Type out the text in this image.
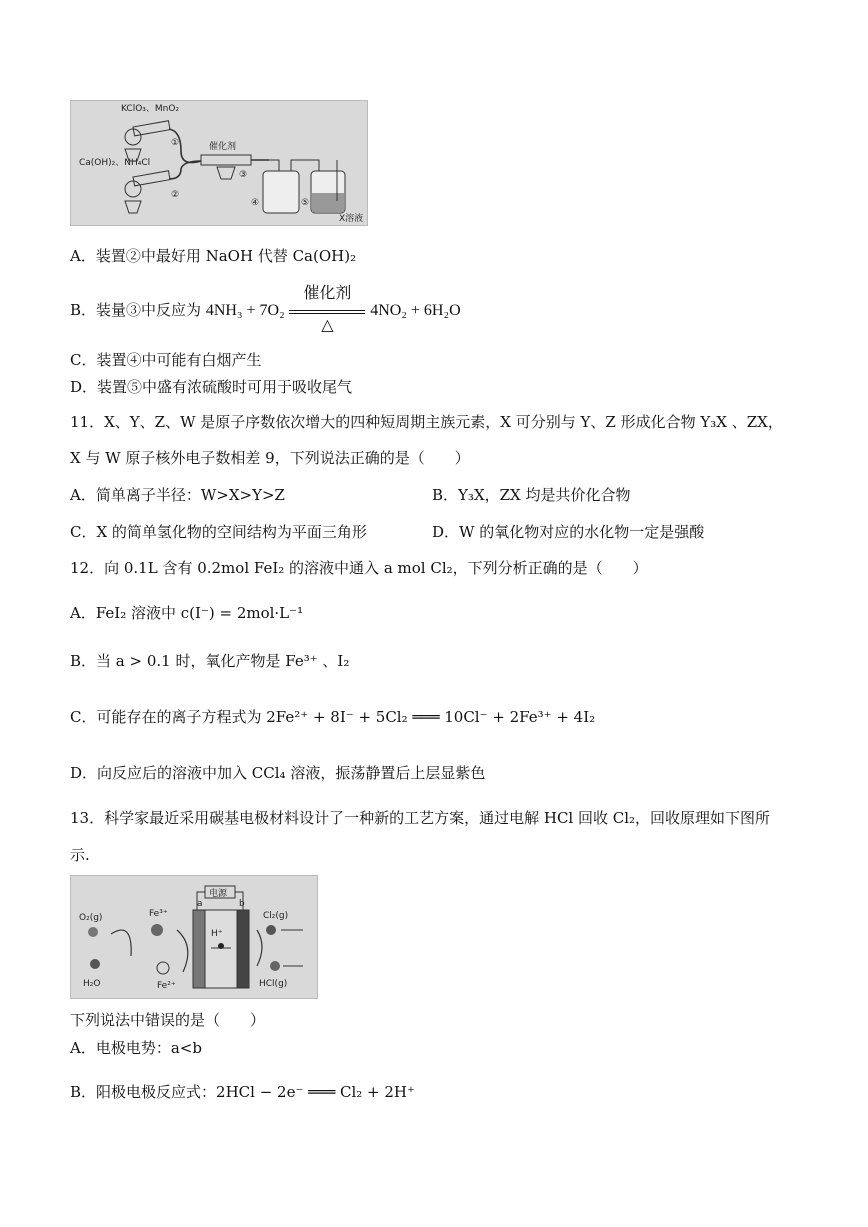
KClO₃、MnO₂
Ca(OH)₂、NH₄Cl
①
②
催化剂
③
④	⑤
X溶液
A．装置②中最好用 NaOH 代替 Ca(OH)₂
B．装量③中反应为 4NH₃ + 7O₂
催化剂
△
4NO₂ + 6H₂O
C．装置④中可能有白烟产生
D．装置⑤中盛有浓硫酸时可用于吸收尾气
11．X、Y、Z、W 是原子序数依次增大的四种短周期主族元素，X 可分别与 Y、Z 形成化合物 Y₃X 、ZX，
X 与 W 原子核外电子数相差 9，下列说法正确的是（　　）
A．简单离子半径：W>X>Y>Z	B．Y₃X，ZX 均是共价化合物
C．X 的简单氢化物的空间结构为平面三角形	D．W 的氧化物对应的水化物一定是强酸
12．向 0.1L 含有 0.2mol FeI₂ 的溶液中通入 a mol Cl₂，下列分析正确的是（　　）
A．FeI₂ 溶液中 c(I⁻) = 2mol·L⁻¹
B．当 a > 0.1 时，氧化产物是 Fe³⁺ 、I₂
C．可能存在的离子方程式为 2Fe²⁺ + 8I⁻ + 5Cl₂ ═══ 10Cl⁻ + 2Fe³⁺ + 4I₂
D．向反应后的溶液中加入 CCl₄ 溶液，振荡静置后上层显紫色
13．科学家最近采用碳基电极材料设计了一种新的工艺方案，通过电解 HCl 回收 Cl₂，回收原理如下图所
示.
O₂(g)	Fe³⁺
Fe²⁺
H₂O
电源
a	b
H⁺
Cl₂(g)
HCl(g)
下列说法中错误的是（　　）
A．电极电势：a<b
B．阳极电极反应式：2HCl − 2e⁻ ═══ Cl₂ + 2H⁺
